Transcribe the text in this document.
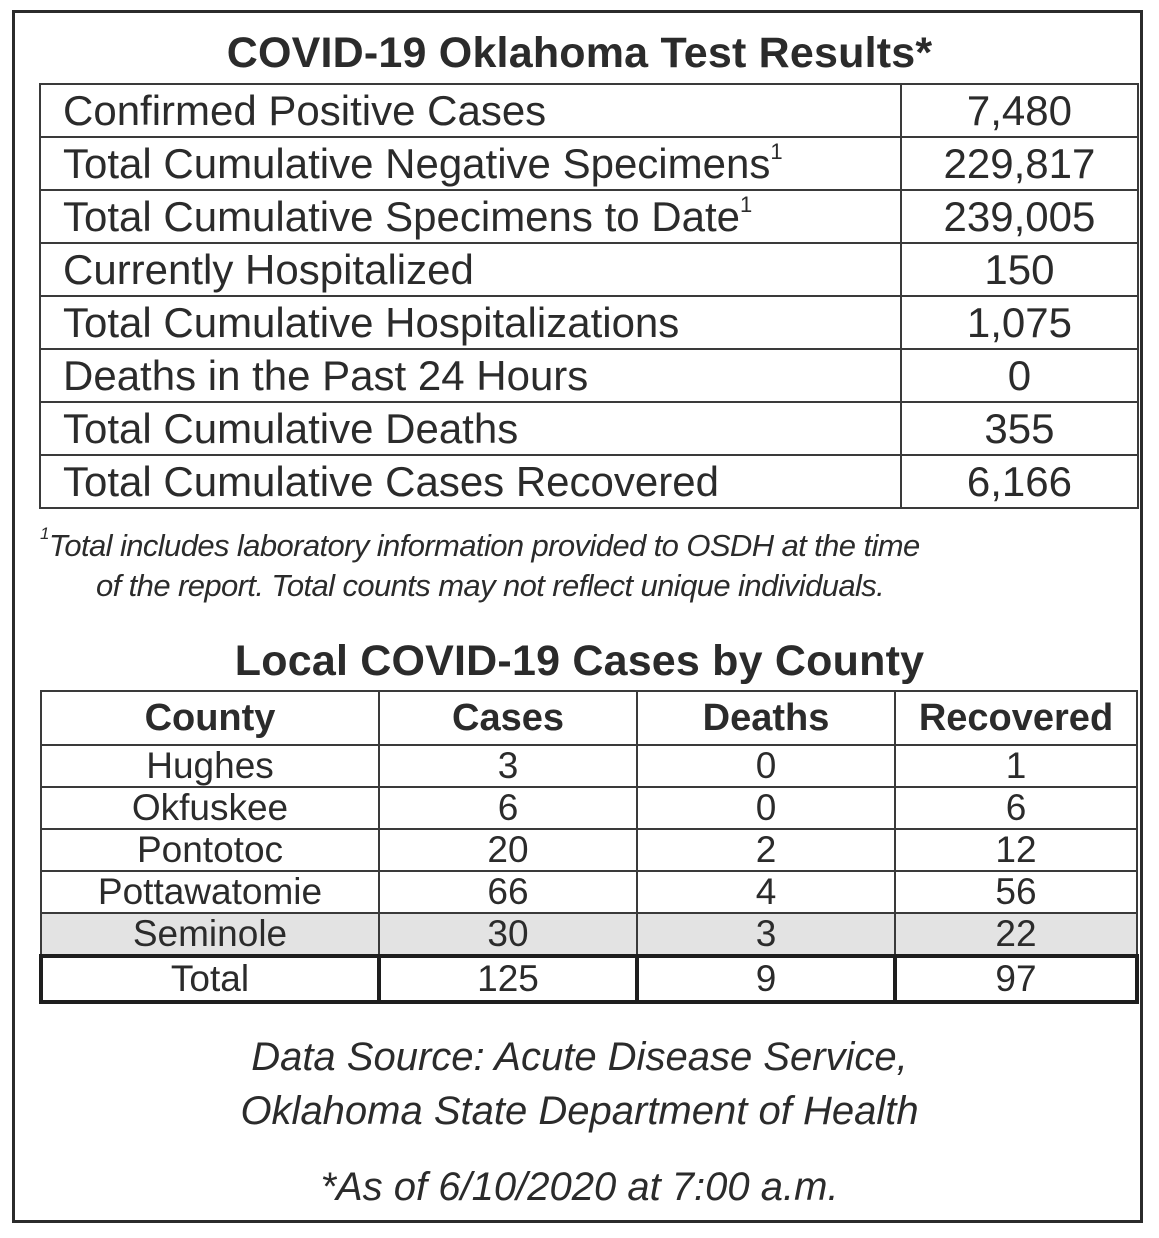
COVID-19 Oklahoma Test Results*
Confirmed Positive Cases	7,480
Total Cumulative Negative Specimens$^1$	229,817
Total Cumulative Specimens to Date$^1$	239,005
Currently Hospitalized	150
Total Cumulative Hospitalizations	1,075
Deaths in the Past 24 Hours	0
Total Cumulative Deaths	355
Total Cumulative Cases Recovered	6,166
$^1$Total includes laboratory information provided to OSDH at the time
of the report. Total counts may not reflect unique individuals.
Local COVID-19 Cases by County
County	Cases	Deaths	Recovered
Hughes	3	0	1
Okfuskee	6	0	6
Pontotoc	20	2	12
Pottawatomie	66	4	56
Seminole	30	3	22
Total	125	9	97
Data Source: Acute Disease Service,
Oklahoma State Department of Health
*As of 6/10/2020 at 7:00 a.m.
